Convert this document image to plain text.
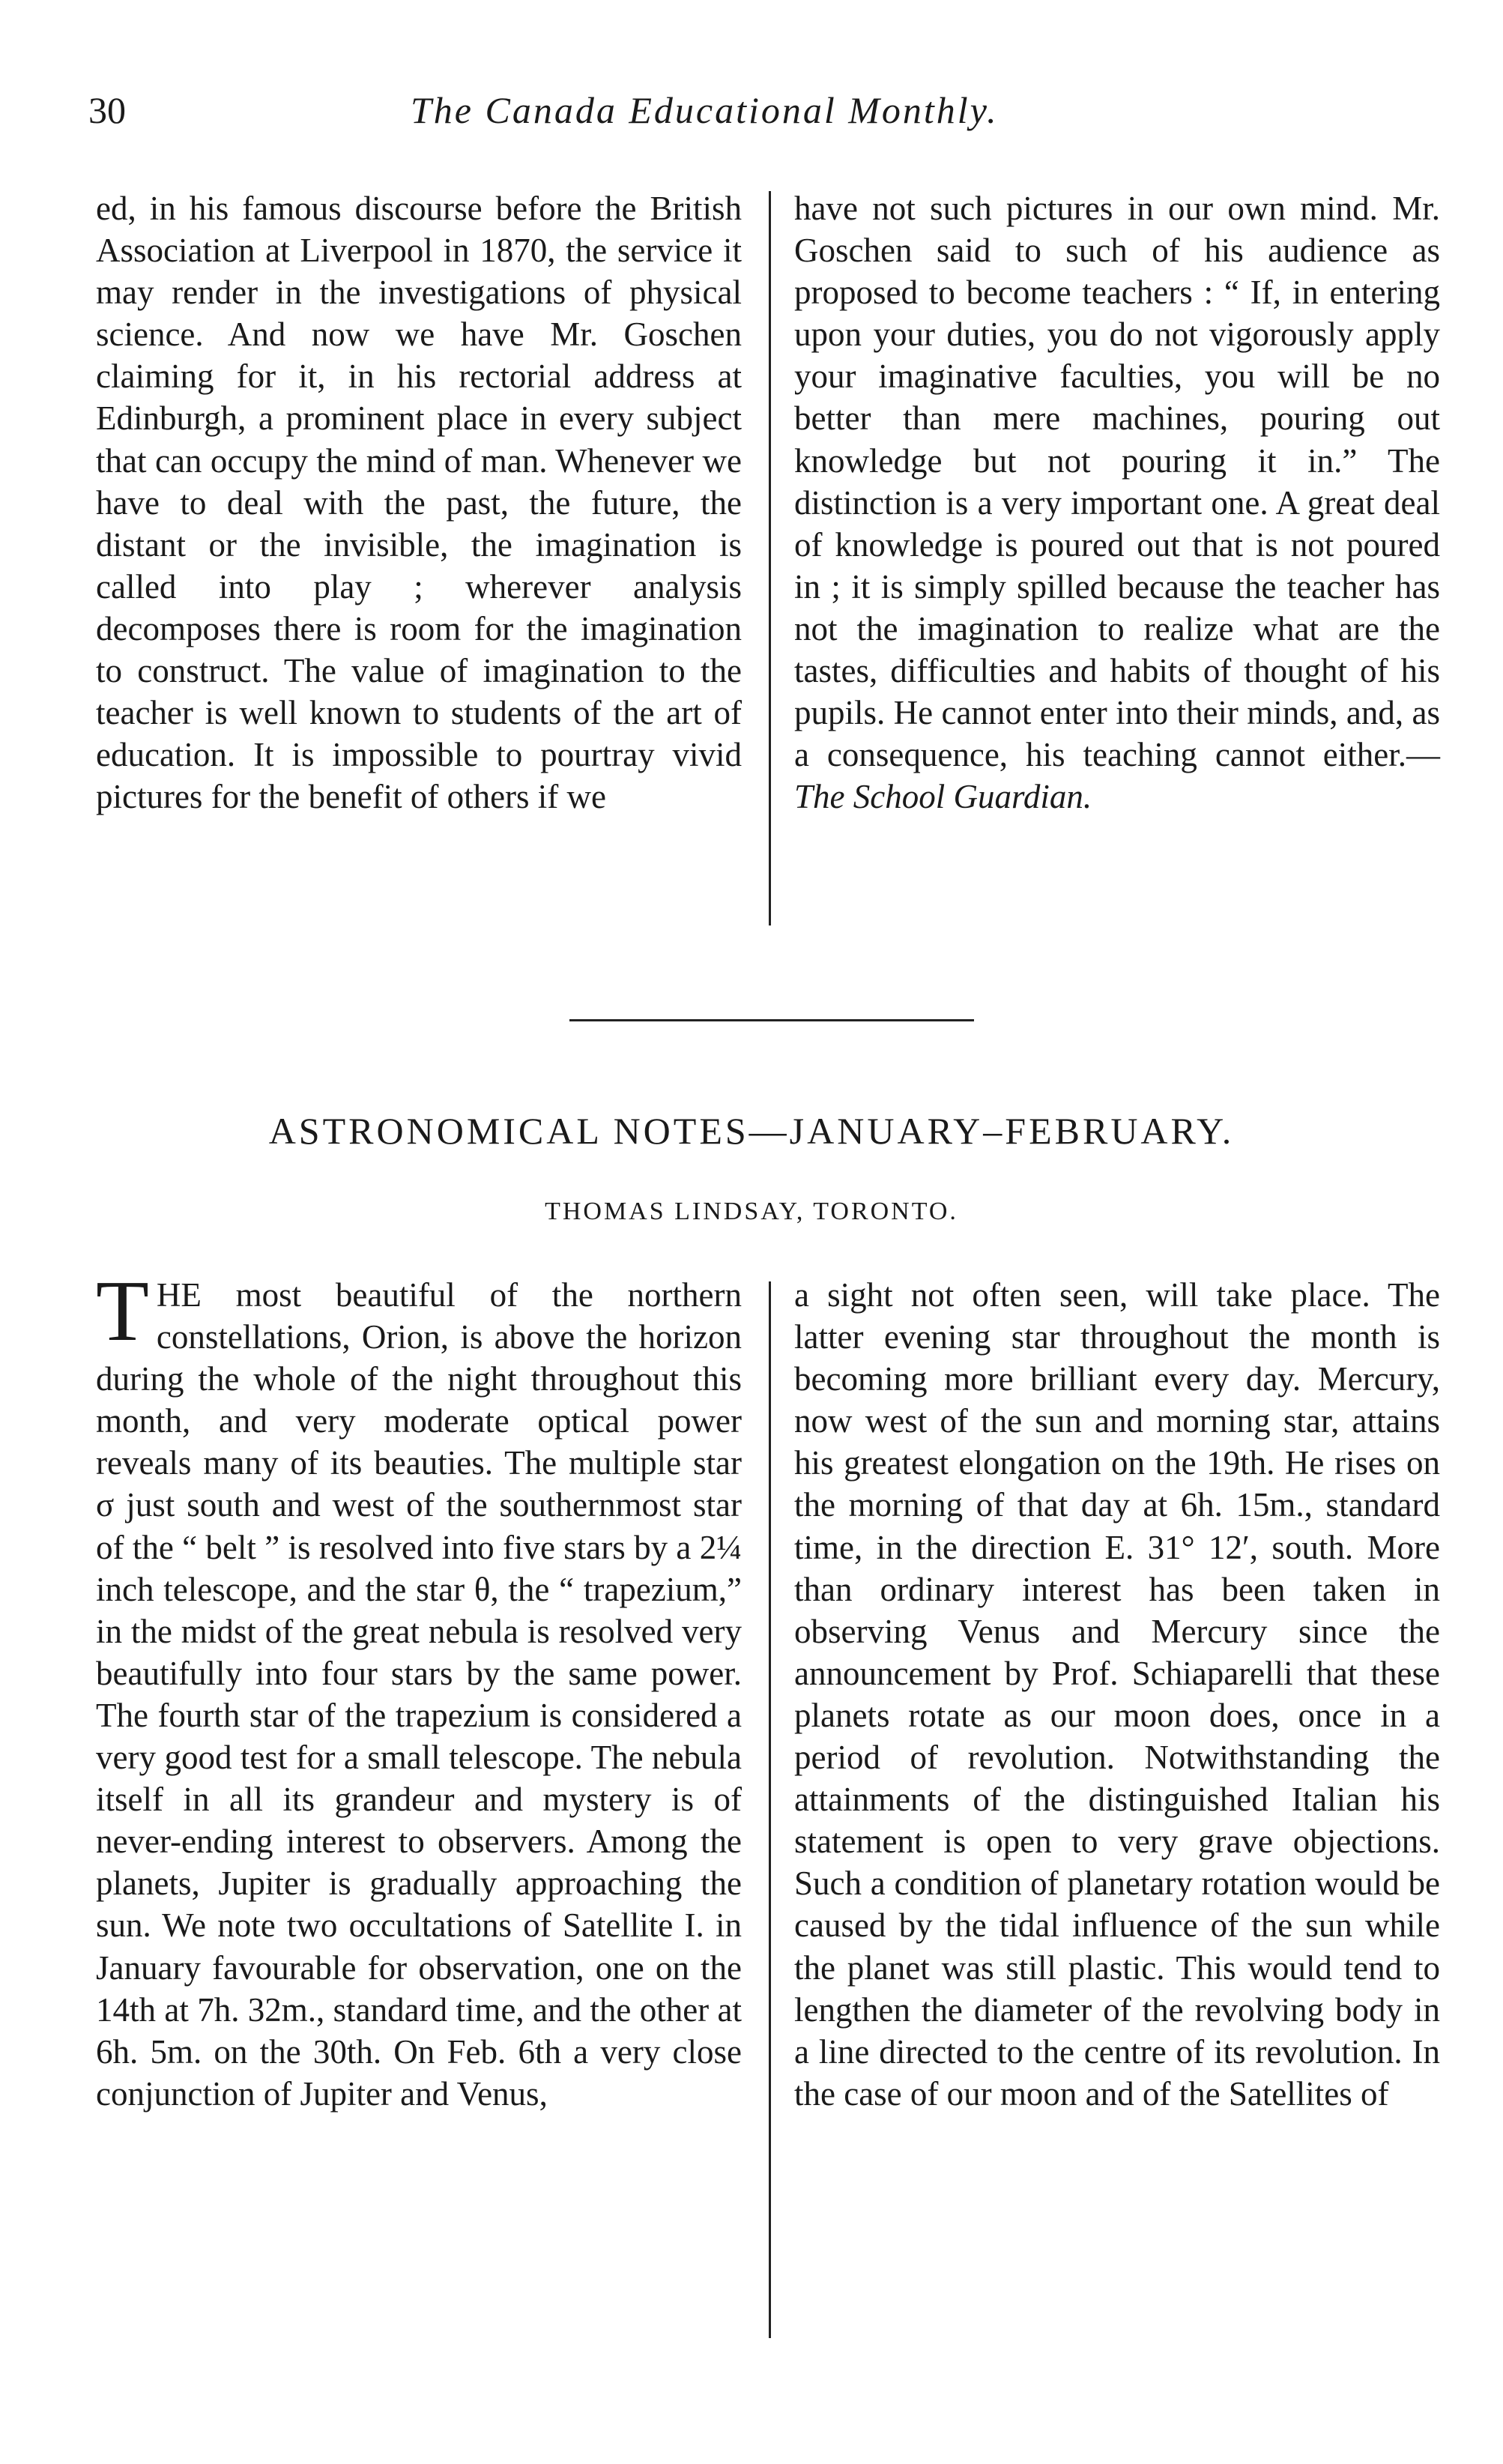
30	The Canada Educational Monthly.

ed, in his famous discourse before the British Association at Liverpool in 1870, the service it may render in the investigations of physical science. And now we have Mr. Goschen claiming for it, in his rectorial address at Edinburgh, a prominent place in every subject that can occupy the mind of man. Whenever we have to deal with the past, the future, the distant or the invisible, the imagination is called into play ; wherever analysis decomposes there is room for the imagination to construct. The value of imagination to the teacher is well known to students of the art of education. It is impossible to pourtray vivid pictures for the benefit of others if we

have not such pictures in our own mind. Mr. Goschen said to such of his audience as proposed to become teachers : “ If, in entering upon your duties, you do not vigorously apply your imaginative faculties, you will be no better than mere machines, pouring out knowledge but not pouring it in.” The distinction is a very important one. A great deal of knowledge is poured out that is not poured in ; it is simply spilled because the teacher has not the imagination to realize what are the tastes, difficulties and habits of thought of his pupils. He cannot enter into their minds, and, as a consequence, his teaching cannot either.—The School Guardian.

ASTRONOMICAL NOTES—JANUARY–FEBRUARY.
THOMAS LINDSAY, TORONTO.

THE most beautiful of the northern constellations, Orion, is above the horizon during the whole of the night throughout this month, and very moderate optical power reveals many of its beauties. The multiple star σ just south and west of the southernmost star of the “ belt ” is resolved into five stars by a 2¼ inch telescope, and the star θ, the “ trapezium,” in the midst of the great nebula is resolved very beautifully into four stars by the same power. The fourth star of the trapezium is considered a very good test for a small telescope. The nebula itself in all its grandeur and mystery is of never-ending interest to observers. Among the planets, Jupiter is gradually approaching the sun. We note two occultations of Satellite I. in January favourable for observation, one on the 14th at 7h. 32m., standard time, and the other at 6h. 5m. on the 30th. On Feb. 6th a very close conjunction of Jupiter and Venus,

a sight not often seen, will take place. The latter evening star throughout the month is becoming more brilliant every day. Mercury, now west of the sun and morning star, attains his greatest elongation on the 19th. He rises on the morning of that day at 6h. 15m., standard time, in the direction E. 31° 12′, south. More than ordinary interest has been taken in observing Venus and Mercury since the announcement by Prof. Schiaparelli that these planets rotate as our moon does, once in a period of revolution. Notwithstanding the attainments of the distinguished Italian his statement is open to very grave objections. Such a condition of planetary rotation would be caused by the tidal influence of the sun while the planet was still plastic. This would tend to lengthen the diameter of the revolving body in a line directed to the centre of its revolution. In the case of our moon and of the Satellites of
